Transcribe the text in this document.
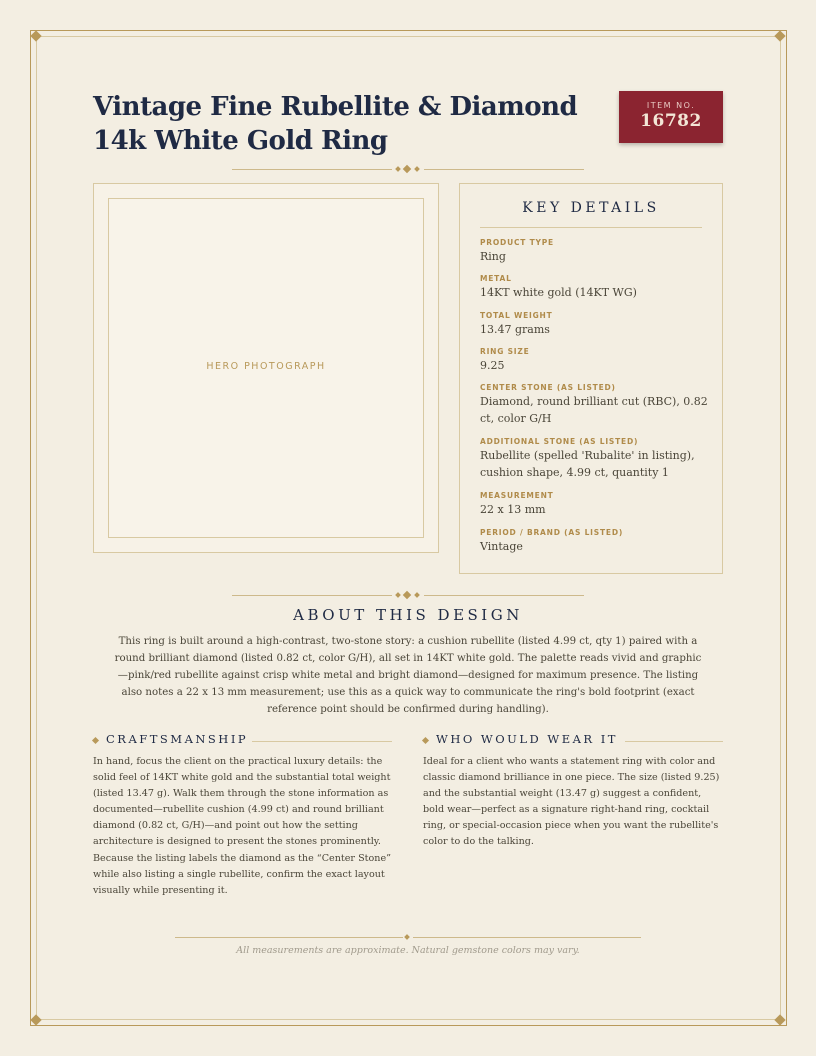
Vintage Fine Rubellite & Diamond 14k White Gold Ring
ITEM NO.
16782
HERO PHOTOGRAPH
KEY DETAILS
PRODUCT TYPE
Ring
METAL
14KT white gold (14KT WG)
TOTAL WEIGHT
13.47 grams
RING SIZE
9.25
CENTER STONE (AS LISTED)
Diamond, round brilliant cut (RBC), 0.82 ct, color G/H
ADDITIONAL STONE (AS LISTED)
Rubellite (spelled 'Rubalite' in listing), cushion shape, 4.99 ct, quantity 1
MEASUREMENT
22 x 13 mm
PERIOD / BRAND (AS LISTED)
Vintage
ABOUT THIS DESIGN

This ring is built around a high-contrast, two-stone story: a cushion rubellite (listed 4.99 ct, qty 1) paired with a round brilliant diamond (listed 0.82 ct, color G/H), all set in 14KT white gold. The palette reads vivid and graphic—pink/red rubellite against crisp white metal and bright diamond—designed for maximum presence. The listing also notes a 22 x 13 mm measurement; use this as a quick way to communicate the ring's bold footprint (exact reference point should be confirmed during handling).

CRAFTSMANSHIP

In hand, focus the client on the practical luxury details: the solid feel of 14KT white gold and the substantial total weight (listed 13.47 g). Walk them through the stone information as documented—rubellite cushion (4.99 ct) and round brilliant diamond (0.82 ct, G/H)—and point out how the setting architecture is designed to present the stones prominently. Because the listing labels the diamond as the “Center Stone” while also listing a single rubellite, confirm the exact layout visually while presenting it.

WHO WOULD WEAR IT

Ideal for a client who wants a statement ring with color and classic diamond brilliance in one piece. The size (listed 9.25) and the substantial weight (13.47 g) suggest a confident, bold wear—perfect as a signature right-hand ring, cocktail ring, or special-occasion piece when you want the rubellite's color to do the talking.

All measurements are approximate. Natural gemstone colors may vary.
